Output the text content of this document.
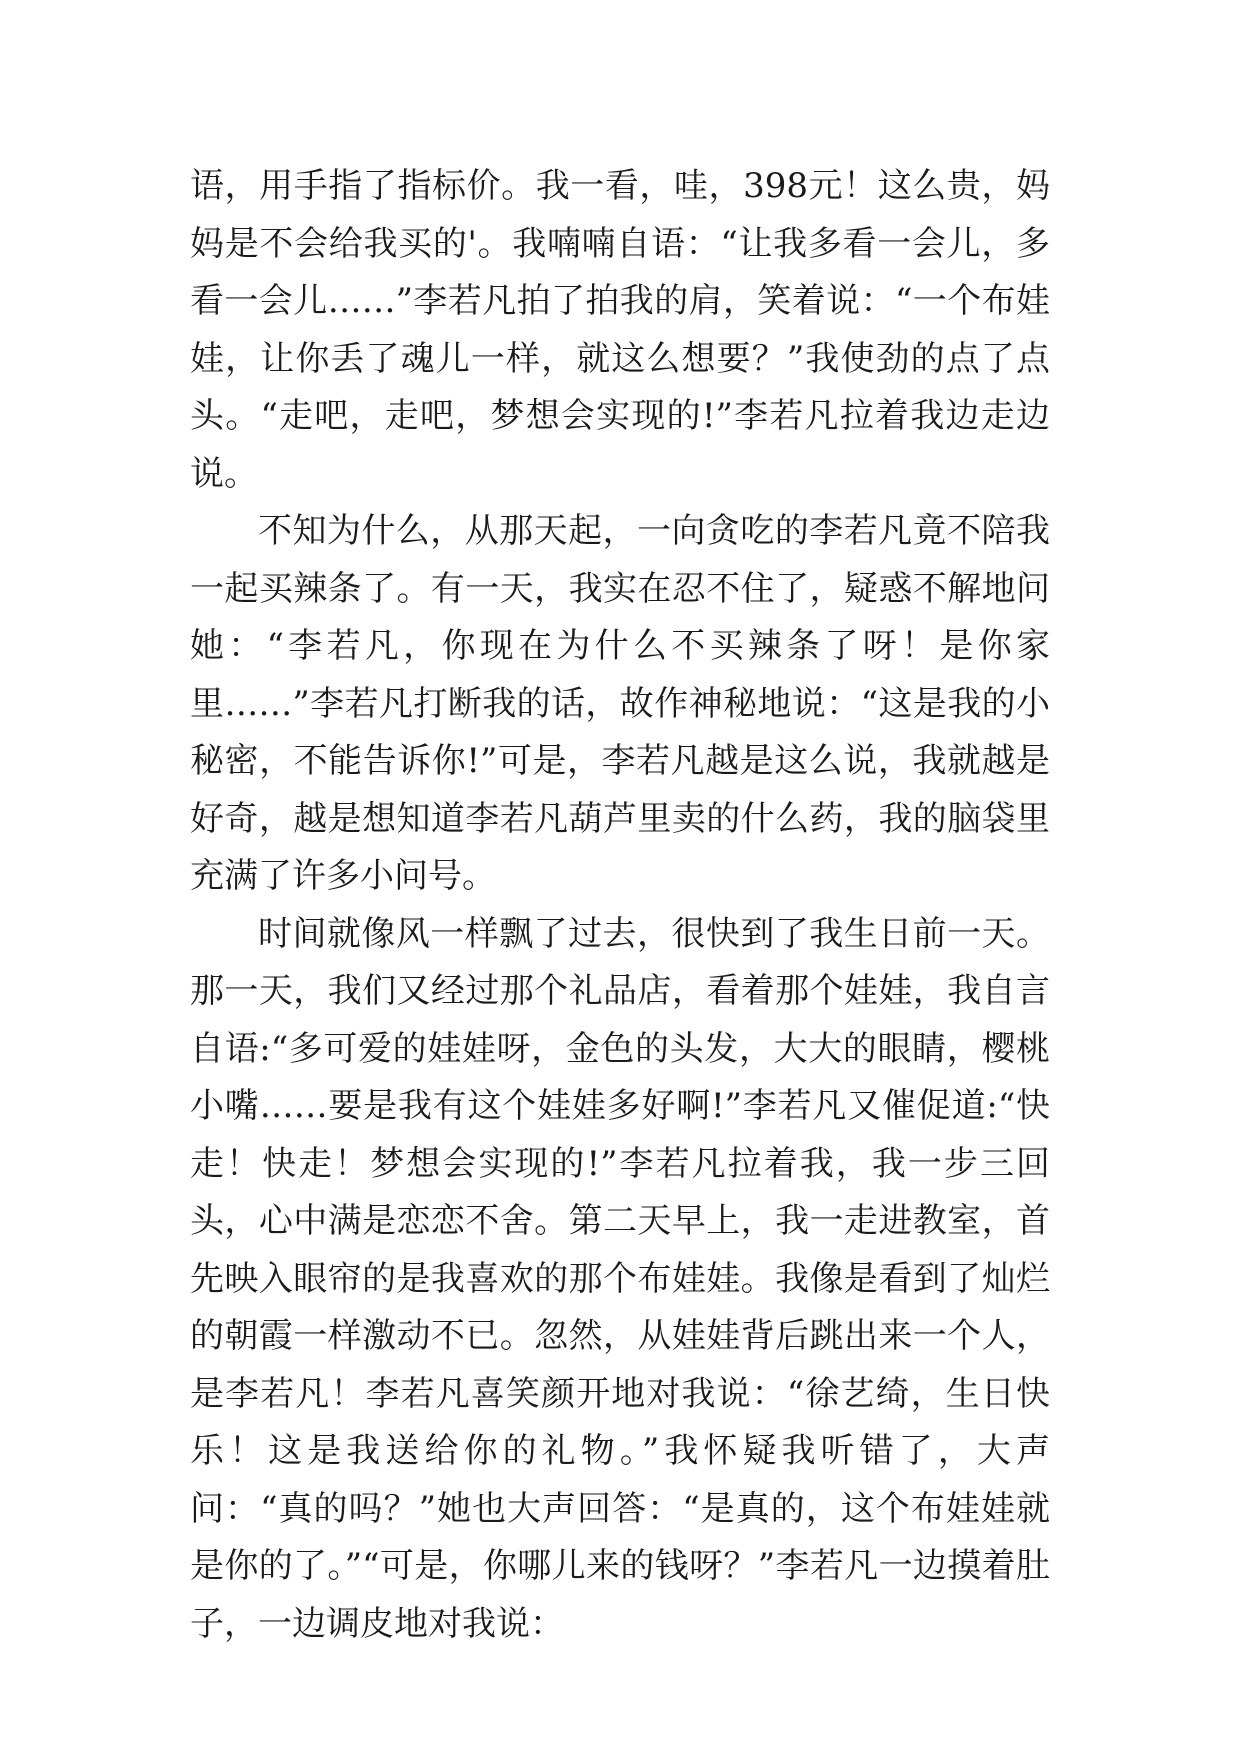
语，用手指了指标价。我一看，哇，398元！这么贵，妈妈是不会给我买的'。我喃喃自语：“让我多看一会儿，多看一会儿……”李若凡拍了拍我的肩，笑着说：“一个布娃娃，让你丢了魂儿一样，就这么想要？”我使劲的点了点头。“走吧，走吧，梦想会实现的!”李若凡拉着我边走边说。

不知为什么，从那天起，一向贪吃的李若凡竟不陪我一起买辣条了。有一天，我实在忍不住了，疑惑不解地问她：“李若凡，你现在为什么不买辣条了呀！是你家里……”李若凡打断我的话，故作神秘地说：“这是我的小秘密，不能告诉你!”可是，李若凡越是这么说，我就越是好奇，越是想知道李若凡葫芦里卖的什么药，我的脑袋里充满了许多小问号。

时间就像风一样飘了过去，很快到了我生日前一天。那一天，我们又经过那个礼品店，看着那个娃娃，我自言自语:“多可爱的娃娃呀，金色的头发，大大的眼睛，樱桃小嘴……要是我有这个娃娃多好啊!”李若凡又催促道:“快走！快走！梦想会实现的!”李若凡拉着我，我一步三回头，心中满是恋恋不舍。第二天早上，我一走进教室，首先映入眼帘的是我喜欢的那个布娃娃。我像是看到了灿烂的朝霞一样激动不已。忽然，从娃娃背后跳出来一个人，是李若凡！李若凡喜笑颜开地对我说：“徐艺绮，生日快乐！这是我送给你的礼物。”我怀疑我听错了，大声问：“真的吗？”她也大声回答：“是真的，这个布娃娃就是你的了。”“可是，你哪儿来的钱呀？”李若凡一边摸着肚子，一边调皮地对我说：
